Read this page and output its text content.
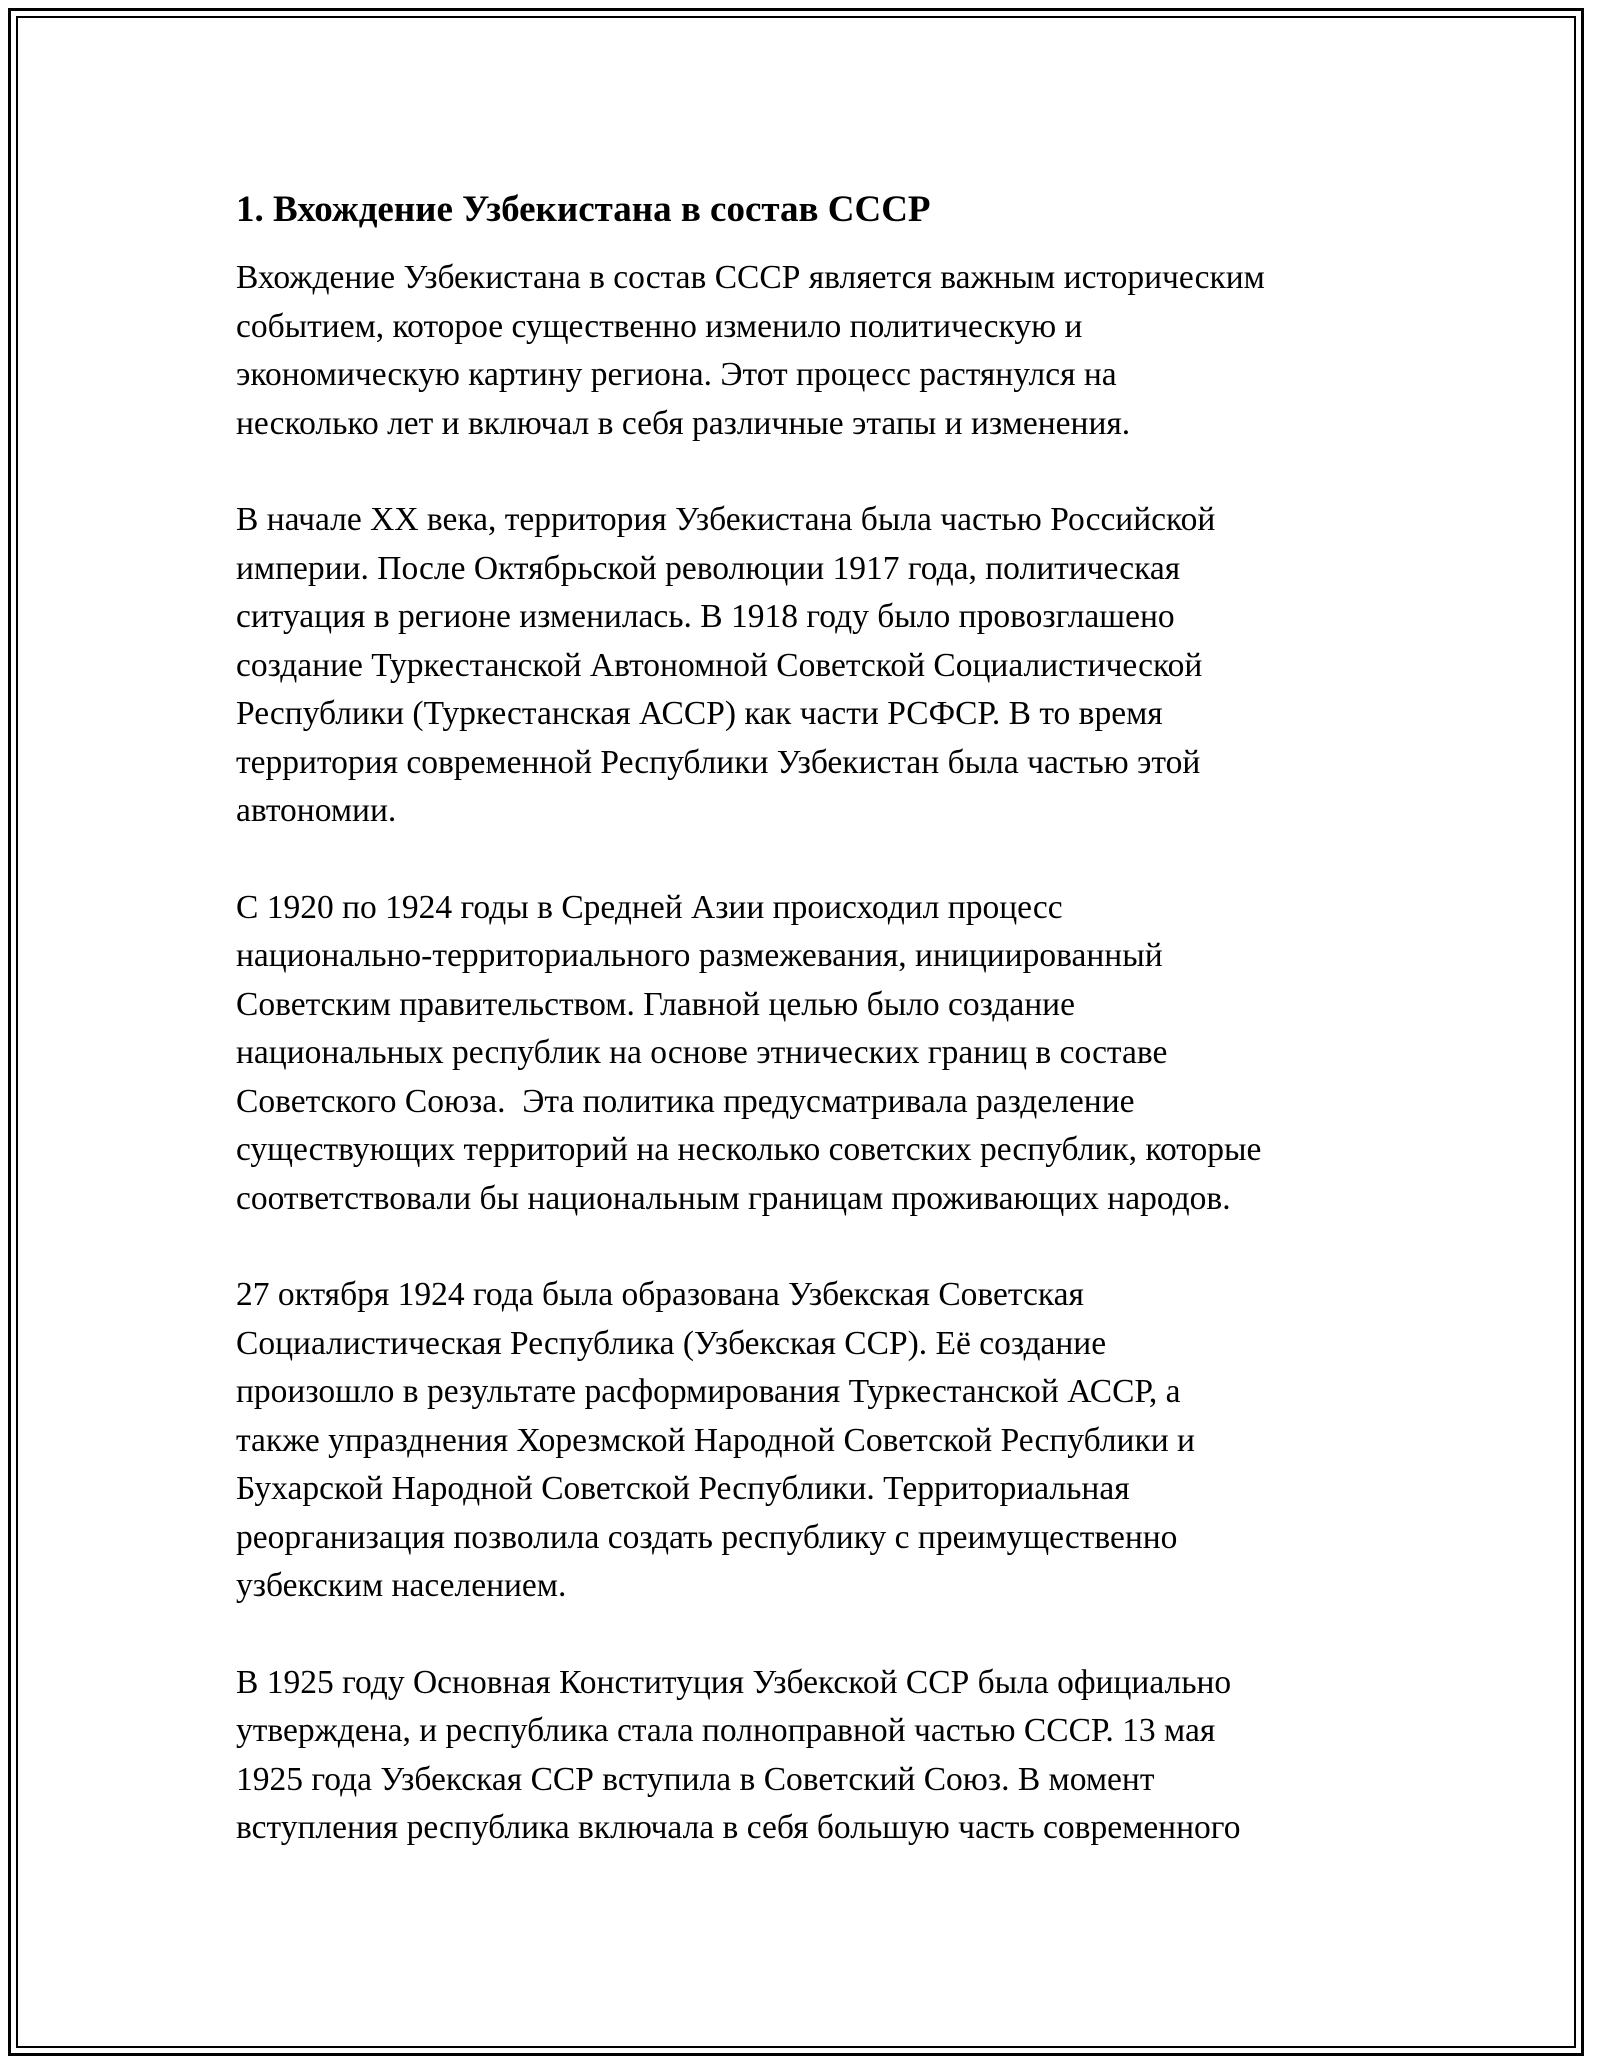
1. Вхождение Узбекистана в состав СССР

Вхождение Узбекистана в состав СССР является важным историческим
событием, которое существенно изменило политическую и
экономическую картину региона. Этот процесс растянулся на
несколько лет и включал в себя различные этапы и изменения.

В начале XX века, территория Узбекистана была частью Российской
империи. После Октябрьской революции 1917 года, политическая
ситуация в регионе изменилась. В 1918 году было провозглашено
создание Туркестанской Автономной Советской Социалистической
Республики (Туркестанская АССР) как части РСФСР. В то время
территория современной Республики Узбекистан была частью этой
автономии.

С 1920 по 1924 годы в Средней Азии происходил процесс
национально-территориального размежевания, инициированный
Советским правительством. Главной целью было создание
национальных республик на основе этнических границ в составе
Советского Союза.  Эта политика предусматривала разделение
существующих территорий на несколько советских республик, которые
соответствовали бы национальным границам проживающих народов.

27 октября 1924 года была образована Узбекская Советская
Социалистическая Республика (Узбекская ССР). Её создание
произошло в результате расформирования Туркестанской АССР, а
также упразднения Хорезмской Народной Советской Республики и
Бухарской Народной Советской Республики. Территориальная
реорганизация позволила создать республику с преимущественно
узбекским населением.

В 1925 году Основная Конституция Узбекской ССР была официально
утверждена, и республика стала полноправной частью СССР. 13 мая
1925 года Узбекская ССР вступила в Советский Союз. В момент
вступления республика включала в себя большую часть современного
